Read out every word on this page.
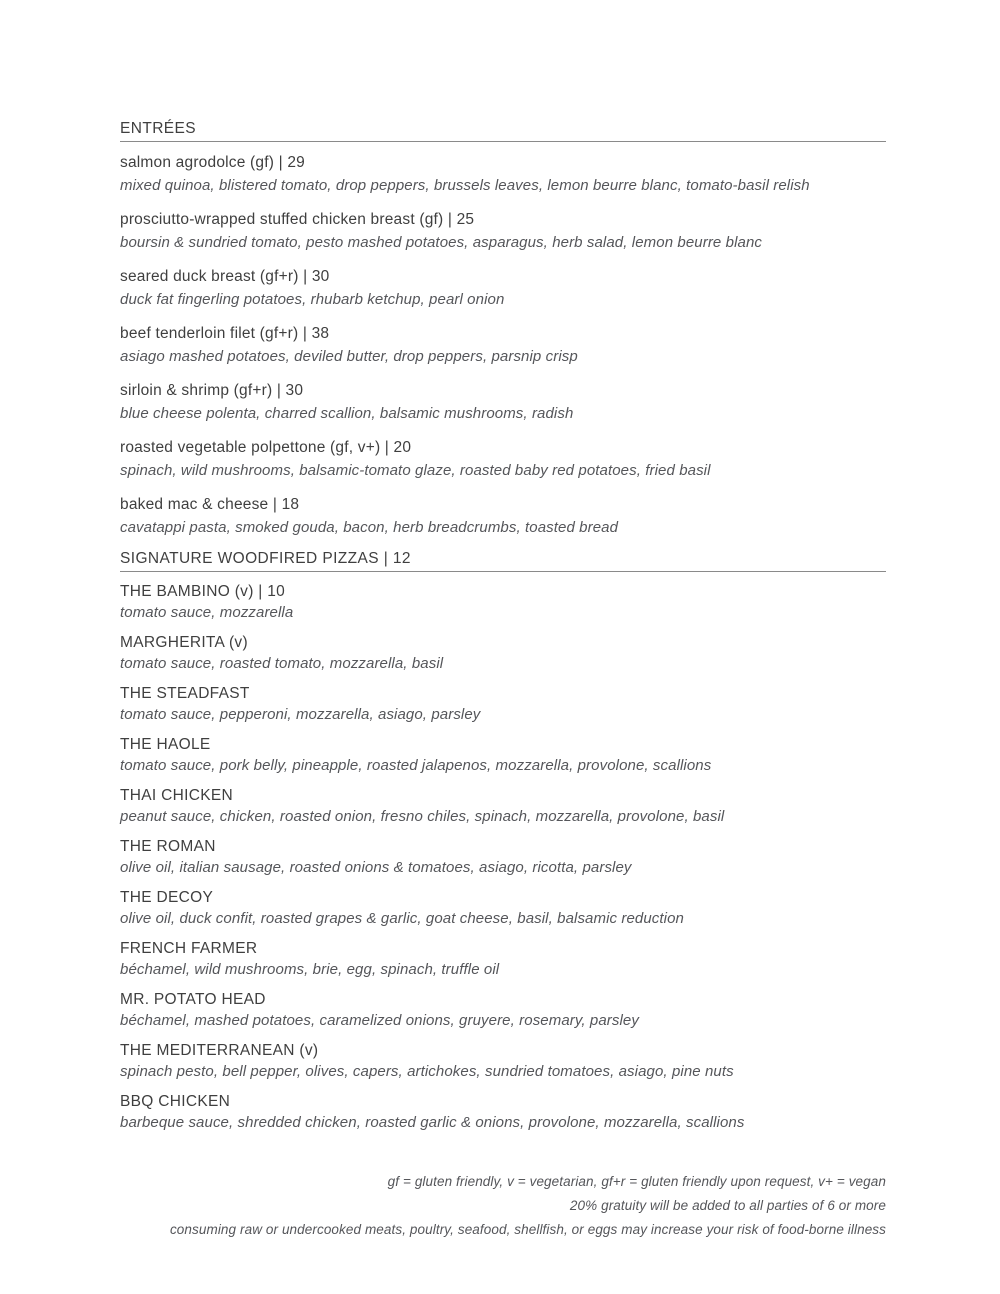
ENTRÉES
salmon agrodolce (gf) | 29
mixed quinoa, blistered tomato, drop peppers, brussels leaves, lemon beurre blanc, tomato-basil relish
prosciutto-wrapped stuffed chicken breast (gf) | 25
boursin & sundried tomato, pesto mashed potatoes, asparagus, herb salad, lemon beurre blanc
seared duck breast (gf+r) | 30
duck fat fingerling potatoes, rhubarb ketchup, pearl onion
beef tenderloin filet (gf+r) | 38
asiago mashed potatoes, deviled butter, drop peppers, parsnip crisp
sirloin & shrimp (gf+r) | 30
blue cheese polenta, charred scallion, balsamic mushrooms, radish
roasted vegetable polpettone (gf, v+) | 20
spinach, wild mushrooms, balsamic-tomato glaze, roasted baby red potatoes, fried basil
baked mac & cheese | 18
cavatappi pasta, smoked gouda, bacon, herb breadcrumbs, toasted bread
SIGNATURE WOODFIRED PIZZAS | 12
THE BAMBINO (v) | 10
tomato sauce, mozzarella
MARGHERITA (v)
tomato sauce, roasted tomato, mozzarella, basil
THE STEADFAST
tomato sauce, pepperoni, mozzarella, asiago, parsley
THE HAOLE
tomato sauce, pork belly, pineapple, roasted jalapenos, mozzarella, provolone, scallions
THAI CHICKEN
peanut sauce, chicken, roasted onion, fresno chiles, spinach, mozzarella, provolone, basil
THE ROMAN
olive oil, italian sausage, roasted onions & tomatoes, asiago, ricotta, parsley
THE DECOY
olive oil, duck confit, roasted grapes & garlic, goat cheese, basil, balsamic reduction
FRENCH FARMER
béchamel, wild mushrooms, brie, egg, spinach, truffle oil
MR. POTATO HEAD
béchamel, mashed potatoes, caramelized onions, gruyere, rosemary, parsley
THE MEDITERRANEAN (v)
spinach pesto, bell pepper, olives, capers, artichokes, sundried tomatoes, asiago, pine nuts
BBQ CHICKEN
barbeque sauce, shredded chicken, roasted garlic & onions, provolone, mozzarella, scallions
gf = gluten friendly, v = vegetarian, gf+r = gluten friendly upon request, v+ = vegan
20% gratuity will be added to all parties of 6 or more
consuming raw or undercooked meats, poultry, seafood, shellfish, or eggs may increase your risk of food-borne illness
